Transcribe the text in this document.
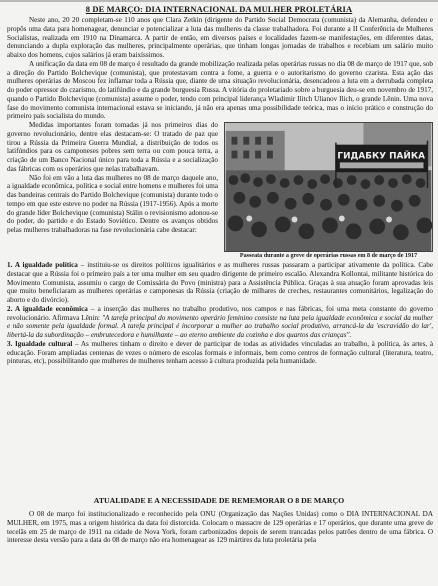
8 DE MARÇO: DIA INTERNACIONAL DA MULHER PROLETÁRIA

Neste ano, 20 20 completam-se 110 anos que Clara Zetkin (dirigente do Partido Social Democrata (comunista) da Alemanha, defendeu e propôs uma data para homenagear, denunciar e potencializar a luta das mulheres da classe trabalhadora. Foi durante a II Conferência de Mulheres Socialistas, realizada em 1910 na Dinamarca. A partir de então, em diversos países e localidades fazem-se manifestações, em diferentes datas, denunciando a dupla exploração das mulheres, principalmente operárias, que tinham longas jornadas de trabalhos e recebiam um salário muito abaixo dos homens, cujos salários já eram baixíssimos.

A unificação da data em 08 de março é resultado da grande mobilização realizada pelas operárias russas no dia 08 de março de 1917 que, sob a direção do Partido Bolchevique (comunista), que protestavam contra a fome, a guerra e o autoritarismo do governo czarista. Esta ação das mulheres operárias de Moscou fez inflamar toda a Rússia que, diante de uma situação revolucionária, desencadeou a luta em a derrubada completa do poder opressor do czarismo, do latifúndio e da grande burguesia Russa. A vitória do proletariado sobre a burguesia deu-se em novembro de 1917, quando o Partido Bolchevique (comunista) assume o poder, tendo com principal liderança Wladimir Ilitch Ulianov Ilich, o grande Lênin. Uma nova fase do movimento comunista internacional estava se iniciando, já não era apenas uma possibilidade teórica, mas o início prático e construção do primeiro país socialista do mundo.

ГИДАБКУ ПАЙКА
Passeata durante a greve de operárias russas em 8 de março de 1917

Medidas importantes foram tomadas já nos primeiros dias do governo revolucionário, dentre elas destacam-se: O tratado de paz que tirou a Rússia da Primeira Guerra Mundial, a distribuição de todos os latifúndios para os camponeses pobres sem terra ou com pouca terra, a criação de um Banco Nacional único para toda a Rússia e a socialização das fábricas com os operários que nelas trabalhavam.

Não foi em vão a luta das mulheres no 08 de março daquele ano, a igualdade econômica, política e social entre homens e mulheres foi uma das bandeiras centrais do Partido Bolchevique (comunista) durante todo o tempo em que este esteve no poder na Rússia (1917-1956). Após a morte do grande líder Bolchevique (comunista) Stálin o revisionismo adonou-se do poder, do partido e do Estado Soviético. Dentre os avanços obtidos pelas mulheres trabalhadoras na fase revolucionária cabe destacar:

1. A igualdade política – instituiu-se os direitos políticos igualitários e as mulheres russas passaram a participar ativamente da política. Cabe destacar que a Rússia foi o primeiro país a ter uma mulher em seu quadro dirigente de primeiro escalão. Alexandra Kollontai, militante histórica do Movimento Comunista, assumiu o cargo de Comissária do Povo (ministra) para a Assistência Pública. Graças à sua atuação foram aprovadas leis que muito beneficiaram as mulheres operárias e camponesas da Rússia (criação de milhares de creches, restaurantes comunitários, legalização do aborto e do divórcio).

2. A igualdade econômica – a inserção das mulheres no trabalho produtivo, nos campos e nas fábricas, foi uma meta constante do governo revolucionário. Afirmava Lênin: "A tarefa principal do movimento operário feminino consiste na luta pela igualdade econômica e social da mulher e não somente pela igualdade formal. A tarefa principal é incorporar a mulher ao trabalho social produtivo, arrancá-la da 'escravidão do lar', libertá-la da subordinação – embrutecedora e humilhante – ao eterno ambiente da cozinha e dos quartos das crianças".

3. Igualdade cultural – As mulheres tinham o direito e dever de participar de todas as atividades vinculadas ao trabalho, à política, às artes, à educação. Foram ampliadas centenas de vezes o número de escolas formais e informais, bem como centros de formação cultural (literatura, teatro, pinturas, etc), possibilitando que mulheres de mulheres tenham acesso à cultura produzida pela humanidade.

ATUALIDADE E A NECESSIDADE DE REMEMORAR O 8 DE MARÇO

O 08 de março foi institucionalizado e reconhecido pela ONU (Organização das Nações Unidas) como o DIA INTERNACIONAL DA MULHER, em 1975, mas a origem histórica da data foi distorcida. Colocam o massacre de 129 operárias e 17 operários, que durante uma greve de tecelãs em 25 de março de 1911 na cidade de Nova York, foram carbonizados depois de serem trancadas pelos patrões dentro de uma fábrica. O interesse desta versão para a data do 08 de março não era homenagear as 129 mártires da luta proletária pela
